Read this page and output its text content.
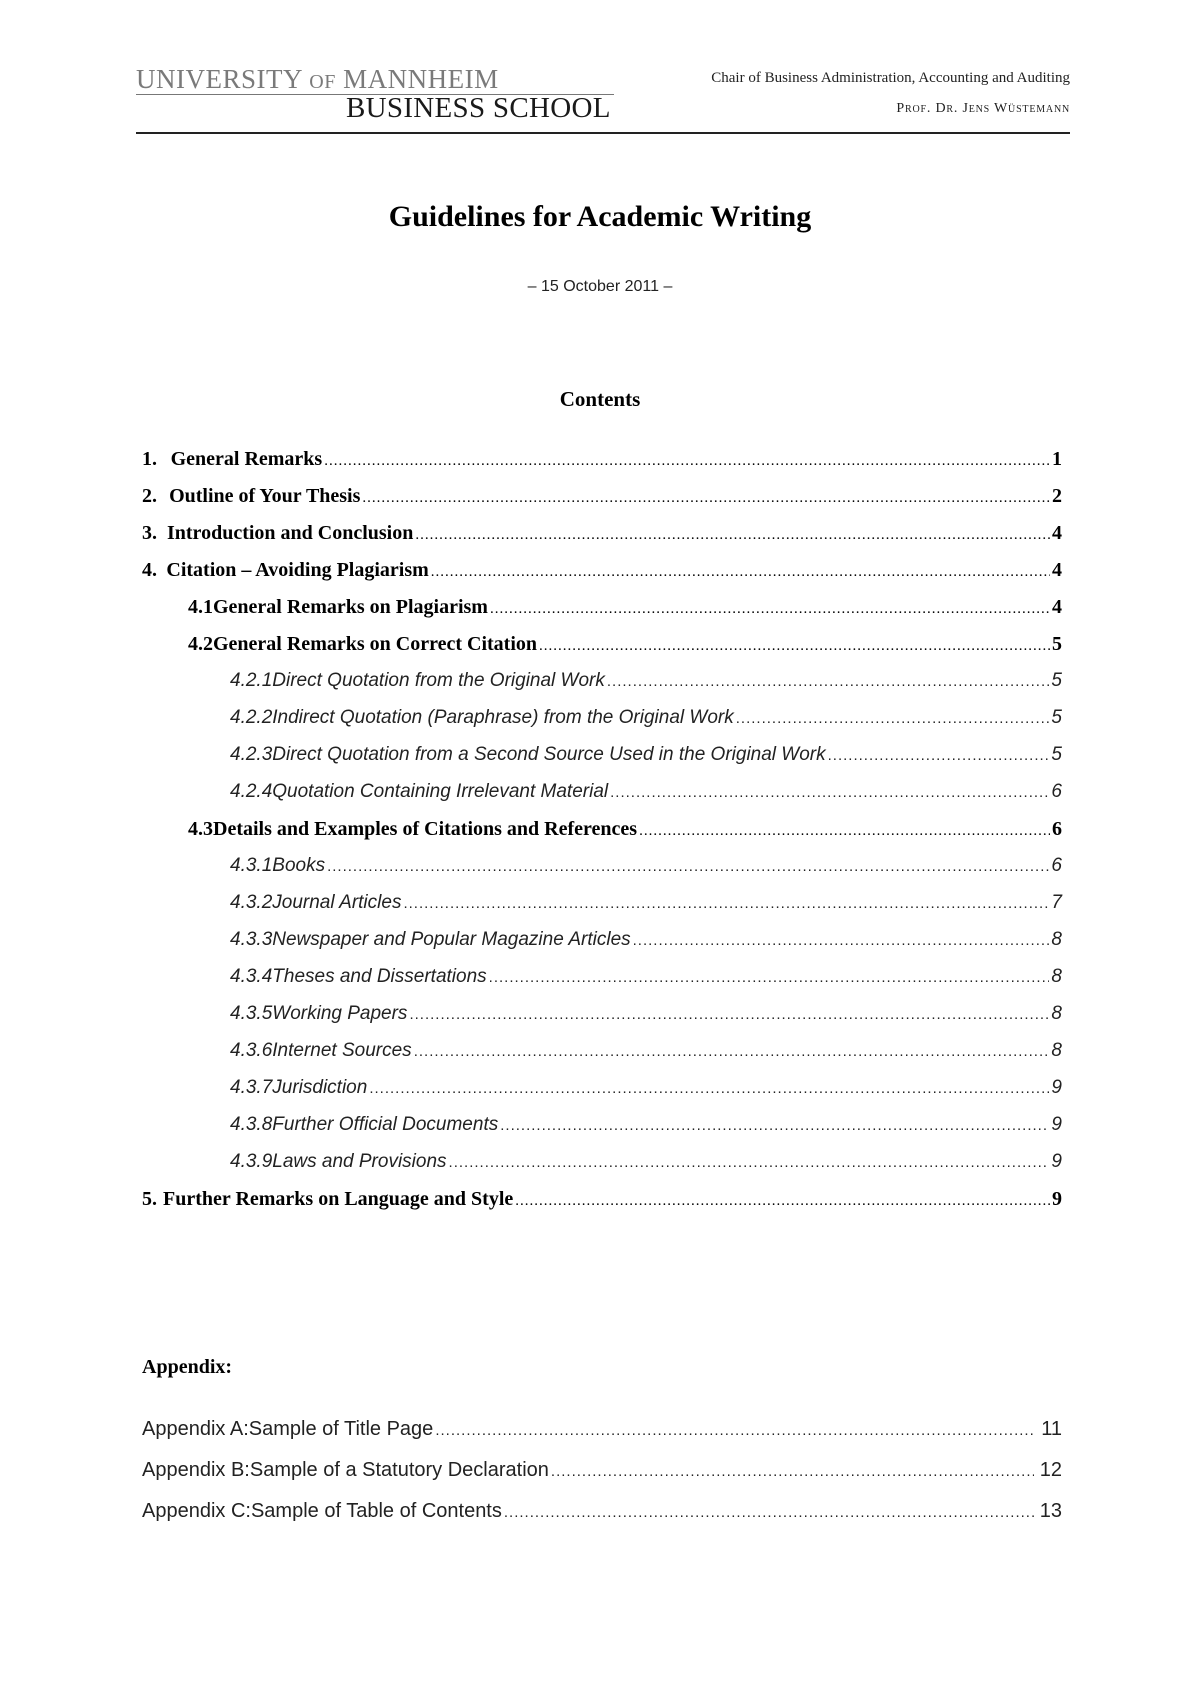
UNIVERSITY OF MANNHEIM
BUSINESS SCHOOL
Chair of Business Administration, Accounting and Auditing
Prof. Dr. Jens Wüstemann
Guidelines for Academic Writing
– 15 October 2011 –
Contents
1. General Remarks .....	1
2. Outline of Your Thesis .....	2
3. Introduction and Conclusion .....	4
4. Citation – Avoiding Plagiarism .....	4
4.1 General Remarks on Plagiarism .....	4
4.2 General Remarks on Correct Citation .....	5
4.2.1 Direct Quotation from the Original Work .....	5
4.2.2 Indirect Quotation (Paraphrase) from the Original Work .....	5
4.2.3 Direct Quotation from a Second Source Used in the Original Work .....	5
4.2.4 Quotation Containing Irrelevant Material .....	6
4.3 Details and Examples of Citations and References .....	6
4.3.1 Books .....	6
4.3.2 Journal Articles .....	7
4.3.3 Newspaper and Popular Magazine Articles .....	8
4.3.4 Theses and Dissertations .....	8
4.3.5 Working Papers .....	8
4.3.6 Internet Sources .....	8
4.3.7 Jurisdiction .....	9
4.3.8 Further Official Documents .....	9
4.3.9 Laws and Provisions .....	9
5. Further Remarks on Language and Style .....	9
Appendix:
Appendix A: Sample of Title Page .....	11
Appendix B: Sample of a Statutory Declaration .....	12
Appendix C: Sample of Table of Contents .....	13
